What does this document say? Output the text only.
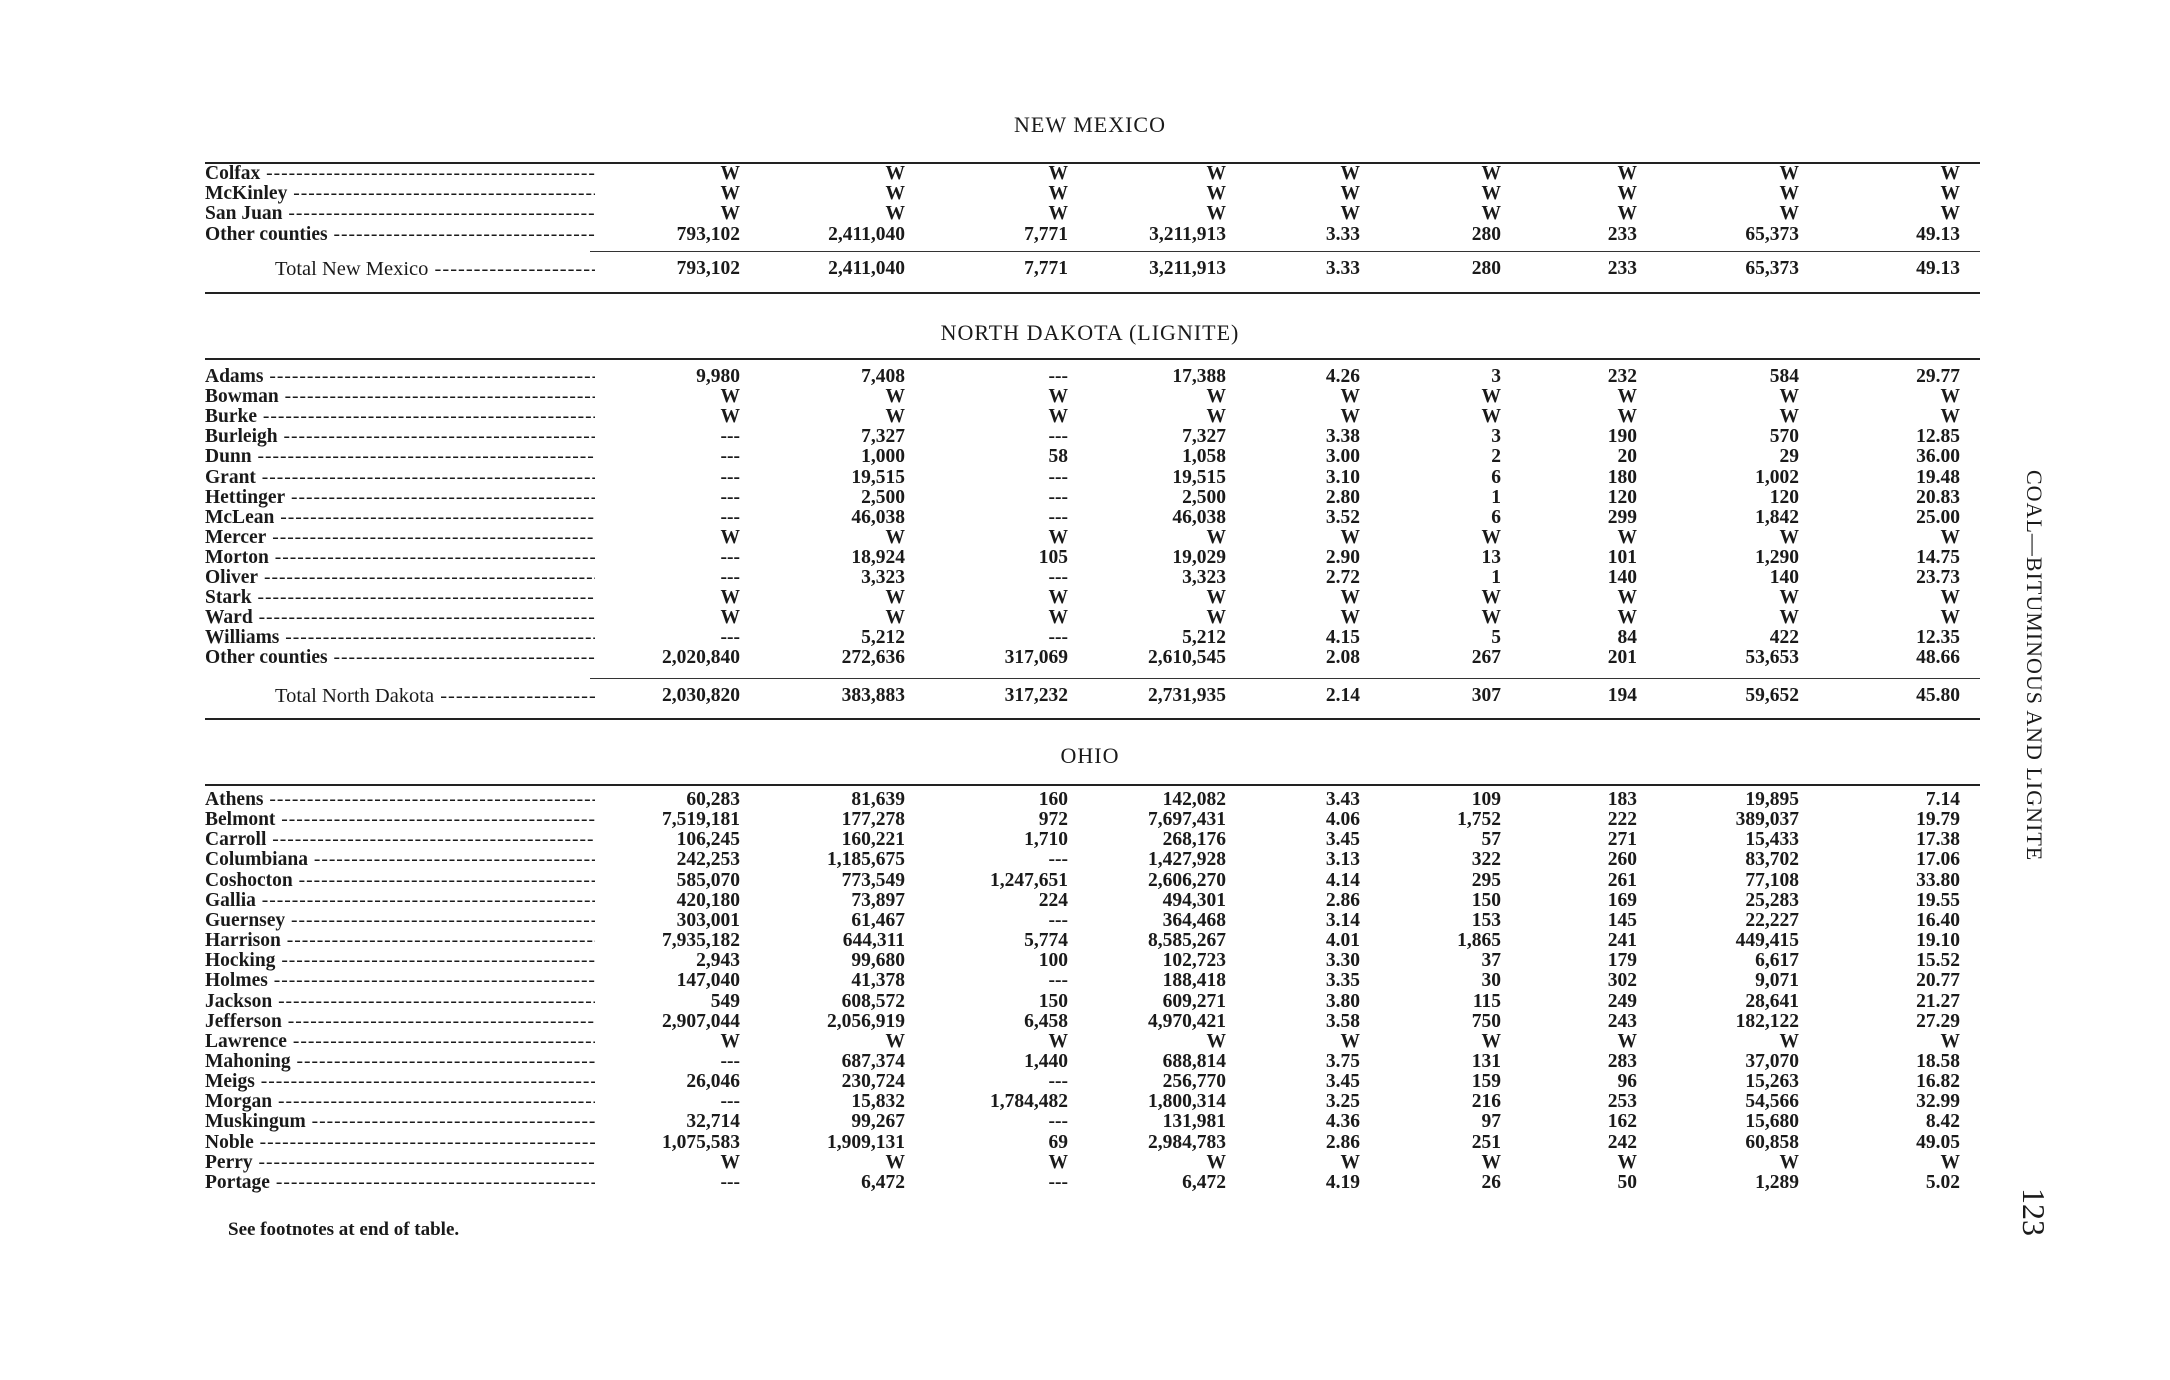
COAL—BITUMINOUS AND LIGNITE
123
See footnotes at end of table.
NEW MEXICO
Colfax -----	W	W	W	W	W	W	W	W	W
McKinley -----	W	W	W	W	W	W	W	W	W
San Juan -----	W	W	W	W	W	W	W	W	W
Other counties -----	793,102	2,411,040	7,771	3,211,913	3.33	280	233	65,373	49.13
Total New Mexico -----	793,102	2,411,040	7,771	3,211,913	3.33	280	233	65,373	49.13
NORTH DAKOTA (LIGNITE)
Adams -----	9,980	7,408	---	17,388	4.26	3	232	584	29.77
Bowman -----	W	W	W	W	W	W	W	W	W
Burke -----	W	W	W	W	W	W	W	W	W
Burleigh -----	---	7,327	---	7,327	3.38	3	190	570	12.85
Dunn -----	---	1,000	58	1,058	3.00	2	20	29	36.00
Grant -----	---	19,515	---	19,515	3.10	6	180	1,002	19.48
Hettinger -----	---	2,500	---	2,500	2.80	1	120	120	20.83
McLean -----	---	46,038	---	46,038	3.52	6	299	1,842	25.00
Mercer -----	W	W	W	W	W	W	W	W	W
Morton -----	---	18,924	105	19,029	2.90	13	101	1,290	14.75
Oliver -----	---	3,323	---	3,323	2.72	1	140	140	23.73
Stark -----	W	W	W	W	W	W	W	W	W
Ward -----	W	W	W	W	W	W	W	W	W
Williams -----	---	5,212	---	5,212	4.15	5	84	422	12.35
Other counties -----	2,020,840	272,636	317,069	2,610,545	2.08	267	201	53,653	48.66
Total North Dakota -----	2,030,820	383,883	317,232	2,731,935	2.14	307	194	59,652	45.80
OHIO
Athens -----	60,283	81,639	160	142,082	3.43	109	183	19,895	7.14
Belmont -----	7,519,181	177,278	972	7,697,431	4.06	1,752	222	389,037	19.79
Carroll -----	106,245	160,221	1,710	268,176	3.45	57	271	15,433	17.38
Columbiana -----	242,253	1,185,675	---	1,427,928	3.13	322	260	83,702	17.06
Coshocton -----	585,070	773,549	1,247,651	2,606,270	4.14	295	261	77,108	33.80
Gallia -----	420,180	73,897	224	494,301	2.86	150	169	25,283	19.55
Guernsey -----	303,001	61,467	---	364,468	3.14	153	145	22,227	16.40
Harrison -----	7,935,182	644,311	5,774	8,585,267	4.01	1,865	241	449,415	19.10
Hocking -----	2,943	99,680	100	102,723	3.30	37	179	6,617	15.52
Holmes -----	147,040	41,378	---	188,418	3.35	30	302	9,071	20.77
Jackson -----	549	608,572	150	609,271	3.80	115	249	28,641	21.27
Jefferson -----	2,907,044	2,056,919	6,458	4,970,421	3.58	750	243	182,122	27.29
Lawrence -----	W	W	W	W	W	W	W	W	W
Mahoning -----	---	687,374	1,440	688,814	3.75	131	283	37,070	18.58
Meigs -----	26,046	230,724	---	256,770	3.45	159	96	15,263	16.82
Morgan -----	---	15,832	1,784,482	1,800,314	3.25	216	253	54,566	32.99
Muskingum -----	32,714	99,267	---	131,981	4.36	97	162	15,680	8.42
Noble -----	1,075,583	1,909,131	69	2,984,783	2.86	251	242	60,858	49.05
Perry -----	W	W	W	W	W	W	W	W	W
Portage -----	---	6,472	---	6,472	4.19	26	50	1,289	5.02
